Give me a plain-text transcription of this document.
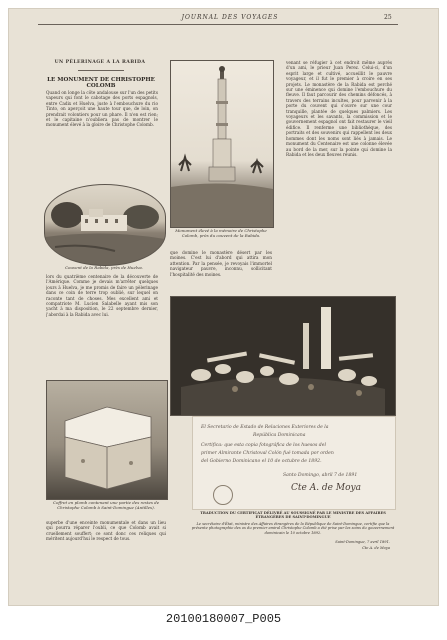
JOURNAL DES VOYAGES	25
UN PÈLERINAGE A LA RABIDA
LE MONUMENT DE CHRISTOPHE COLOMB
Quand on longe la côte andalouse sur l'un des petits vapeurs qui font le cabotage des ports espagnols, entre Cadix et Huelva, juste à l'embouchure du rio Tinto, on aperçoit une haute tour que, de loin, on prendrait volontiers pour un phare. Il n'en est rien; et le capitaine n'oubliera pas de montrer le monument élevé à la gloire de Christophe Colomb.
Couvent de la Rabida, près de Huelva.
lors du quatrième centenaire de la découverte de l'Amérique. Comme je devais m'arrêter quelques jours à Huelva, je me promis de faire un pèlerinage dans ce coin de terre trop oublié, sur lequel on raconte tant de choses. Mes excellent ami et compatriote M. Lucien Salabelle ayant mis son yacht à ma disposition, le 22 septembre dernier, j'abordai à la Rabida avec lui.
Monument élevé à la mémoire de Christophe Colomb, près du couvent de la Rabida.
que domine le monastère désert par les moines. C'est lui d'abord qui attira mon attention. Par la pensée, je revoyais l'immortel navigateur pauvre, inconnu, sollicitant l'hospitalité des moines.
venant se réfugier à cet endroit même auprès d'un ami, le prieur Juan Perez. Celui-ci, d'un esprit large et cultivé, accueillit le pauvre voyageur, et il fut le premier à croire en ses projets. Le monastère de la Rabida est perché sur une éminence qui domine l'embouchure du fleuve. Il faut parcourir des chemins défoncés, à travers des terrains incultes, pour parvenir à la porte du couvent qui s'ouvre sur une cour tranquille, plantée de quelques palmiers. Les voyageurs et les savants, la commission et le gouvernement espagnol ont fait restaurer le vieil édifice. Il renferme une bibliothèque, des portraits et des souvenirs qui rappellent les deux hommes dont les noms sont liés à jamais. Le monument du Centenaire est une colonne élevée au bord de la mer, sur la pointe qui domine la Rabida et les deux fleuves réunis.
El Secretario de Estado de Relaciones Exteriores de la
República Dominicana
Certifica: que esta copia fotográfica de los huesos del
primer Almirante Christoval Colón fué tomada por orden
del Gobierno Dominicano el 10 de octubre de 1892.
Santo Domingo, abril 7 de 1891
Cte A. de Moya
TRADUCTION DU CERTIFICAT DÉLIVRÉ AU SOUSSIGNÉ PAR LE MINISTRE DES AFFAIRES ÉTRANGÈRES DE SAINT-DOMINGUE
Le secrétaire d'État, ministre des Affaires étrangères de la République de Saint-Domingue, certifie que la présente photographie des os du premier amiral Christophe Colomb a été prise par les soins du gouvernement dominicain le 10 octobre 1892.
Saint-Domingue, 7 avril 1891.
Cte A. de Moya
Coffret en plomb contenant une partie des restes de Christophe Colomb à Saint-Domingue (Antilles).
superbe d'une enceinte monumentale et dans un lieu qui pourra réparer l'oubli, ce que Colomb avait si cruellement souffert; ce sont donc ces reliques qui méritent aujourd'hui le respect de tous.
20100180007_P005
